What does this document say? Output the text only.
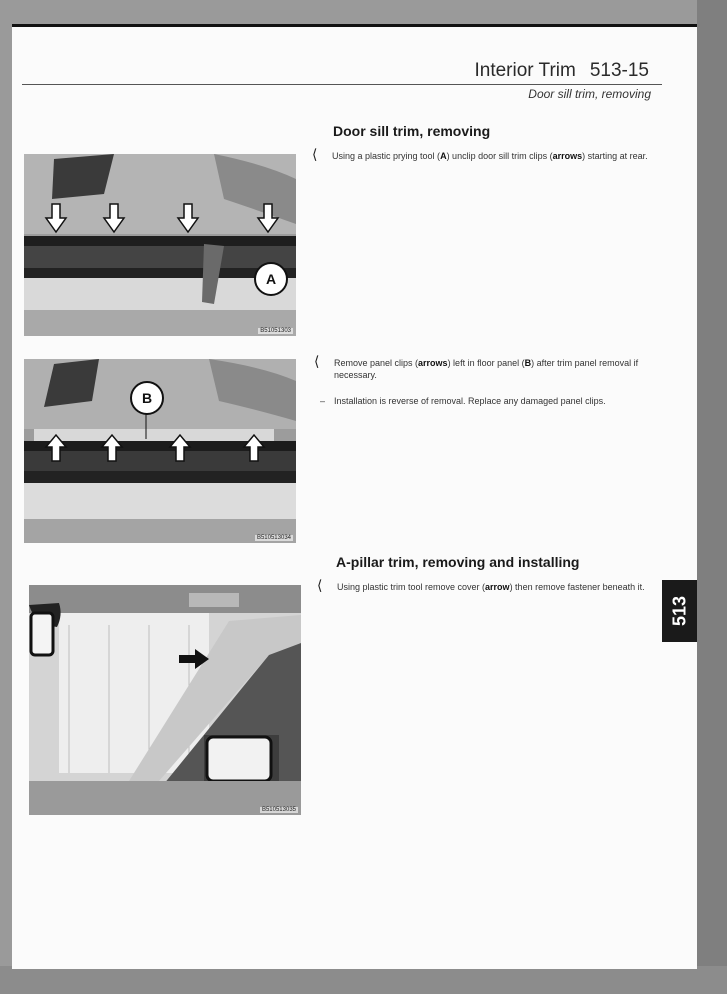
Interior Trim 513-15
Door sill trim, removing
Door sill trim, removing
A
B51051303
⟨ Using a plastic prying tool (A) unclip door sill trim clips (arrows) starting at rear.
B
B510513034
⟨ Remove panel clips (arrows) left in floor panel (B) after trim panel removal if necessary.
– Installation is reverse of removal. Replace any damaged panel clips.
A-pillar trim, removing and installing
B510513035
⟨ Using plastic trim tool remove cover (arrow) then remove fastener beneath it.
513
